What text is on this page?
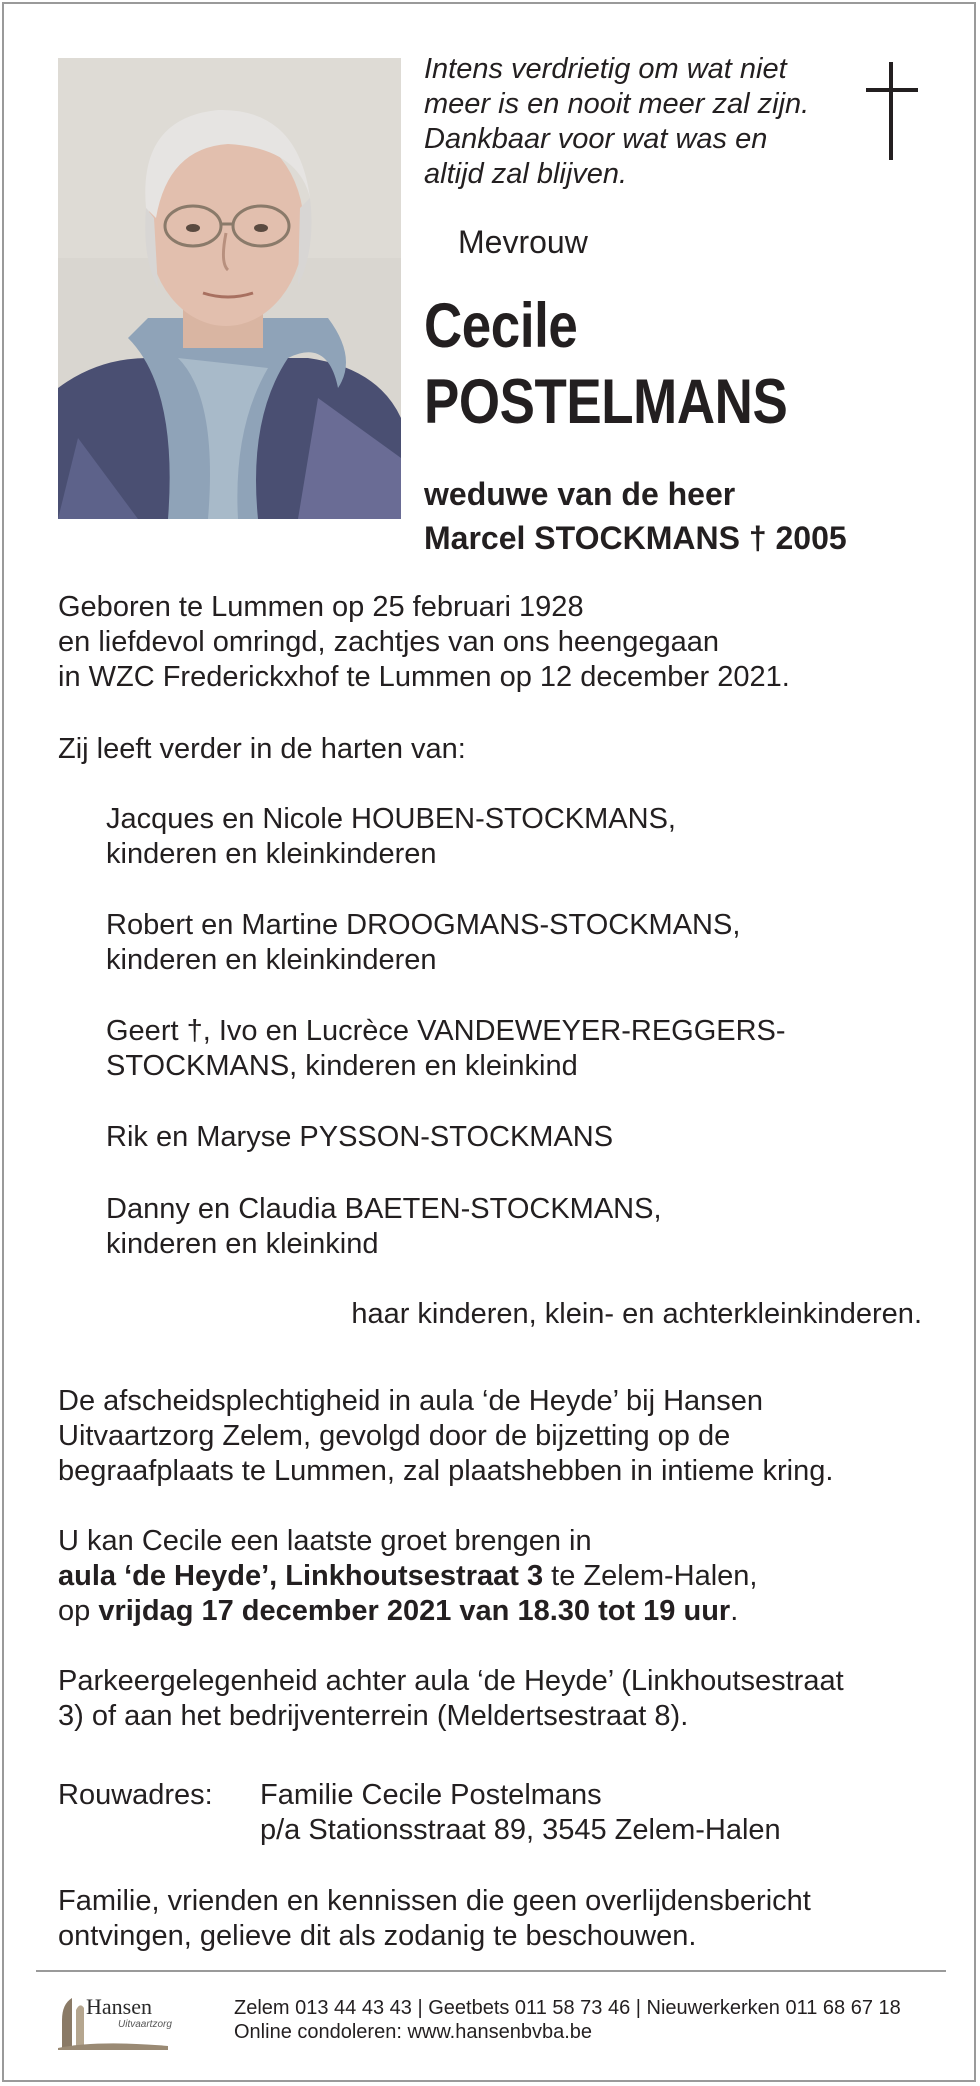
Intens verdrietig om wat niet
meer is en nooit meer zal zijn.
Dankbaar voor wat was en
altijd zal blijven.
Mevrouw
Cecile
POSTELMANS
weduwe van de heer
Marcel STOCKMANS † 2005
Geboren te Lummen op 25 februari 1928
en liefdevol omringd, zachtjes van ons heengegaan
in WZC Frederickxhof te Lummen op 12 december 2021.
Zij leeft verder in de harten van:
Jacques en Nicole HOUBEN-STOCKMANS,
kinderen en kleinkinderen
Robert en Martine DROOGMANS-STOCKMANS,
kinderen en kleinkinderen
Geert †, Ivo en Lucrèce VANDEWEYER-REGGERS-
STOCKMANS, kinderen en kleinkind
Rik en Maryse PYSSON-STOCKMANS
Danny en Claudia BAETEN-STOCKMANS,
kinderen en kleinkind
haar kinderen, klein- en achterkleinkinderen.
De afscheidsplechtigheid in aula ‘de Heyde’ bij Hansen
Uitvaartzorg Zelem, gevolgd door de bijzetting op de
begraafplaats te Lummen, zal plaatshebben in intieme kring.
U kan Cecile een laatste groet brengen in
aula ‘de Heyde’, Linkhoutsestraat 3 te Zelem-Halen,
op vrijdag 17 december 2021 van 18.30 tot 19 uur.
Parkeergelegenheid achter aula ‘de Heyde’ (Linkhoutsestraat
3) of aan het bedrijventerrein (Meldertsestraat 8).
Rouwadres: Familie Cecile Postelmans
p/a Stationsstraat 89, 3545 Zelem-Halen
Familie, vrienden en kennissen die geen overlijdensbericht
ontvingen, gelieve dit als zodanig te beschouwen.
Hansen
Uitvaartzorg
Zelem 013 44 43 43 | Geetbets 011 58 73 46 | Nieuwerkerken 011 68 67 18
Online condoleren: www.hansenbvba.be
